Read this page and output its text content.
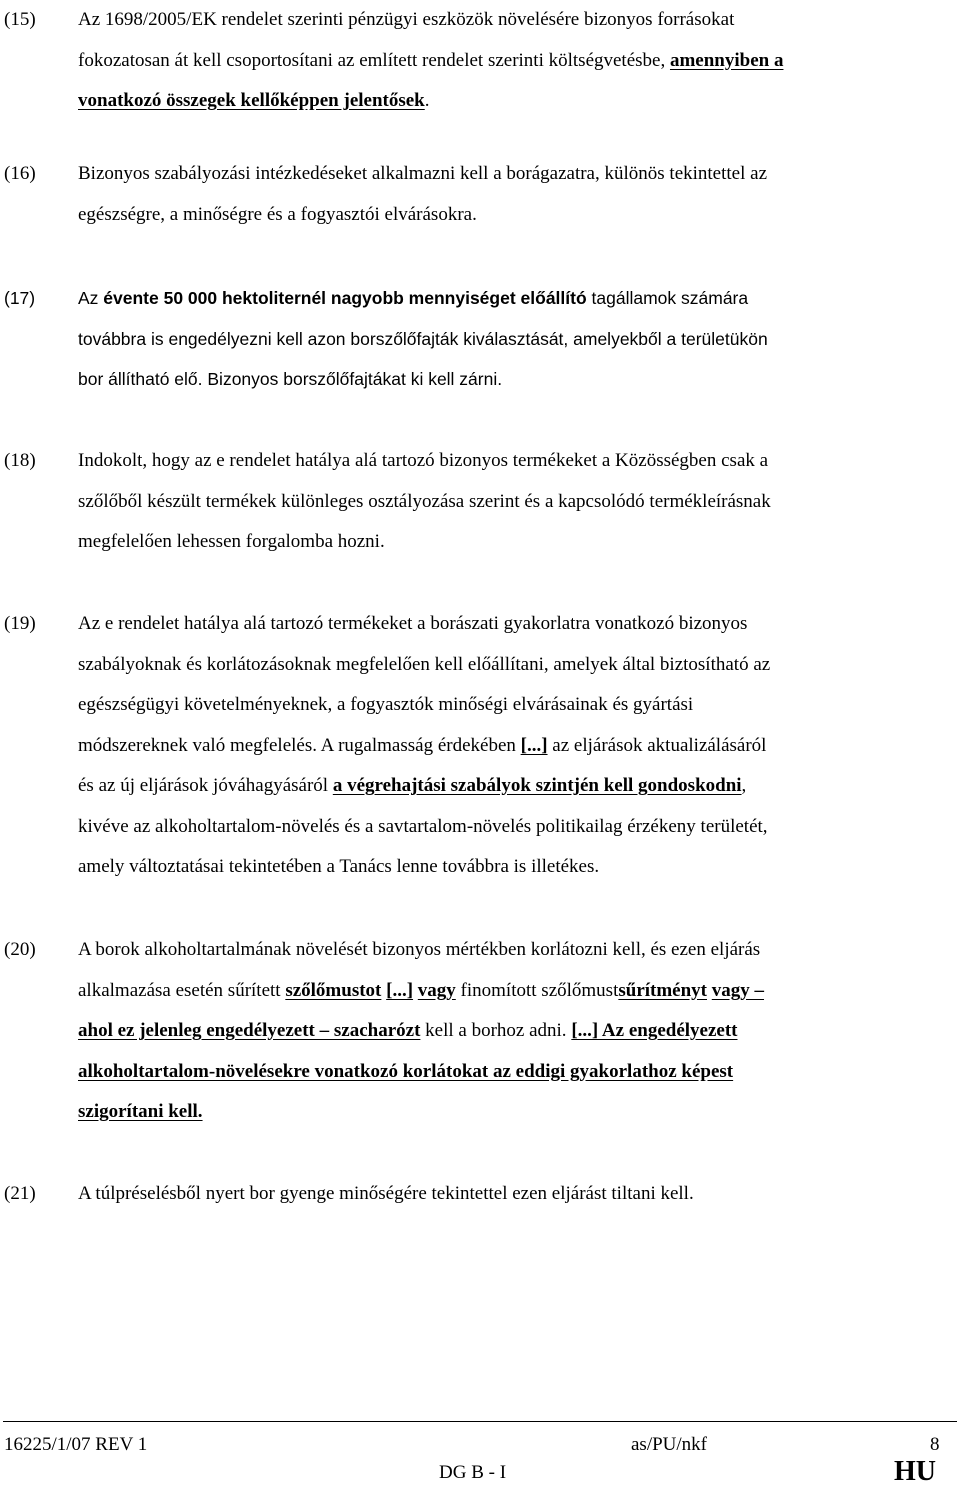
(15) Az 1698/2005/EK rendelet szerinti pénzügyi eszközök növelésére bizonyos forrásokat
fokozatosan át kell csoportosítani az említett rendelet szerinti költségvetésbe, amennyiben a
vonatkozó összegek kellőképpen jelentősek.
(16) Bizonyos szabályozási intézkedéseket alkalmazni kell a borágazatra, különös tekintettel az
egészségre, a minőségre és a fogyasztói elvárásokra.
(17) Az évente 50 000 hektoliternél nagyobb mennyiséget előállító tagállamok számára
továbbra is engedélyezni kell azon borszőlőfajták kiválasztását, amelyekből a területükön
bor állítható elő. Bizonyos borszőlőfajtákat ki kell zárni.
(18) Indokolt, hogy az e rendelet hatálya alá tartozó bizonyos termékeket a Közösségben csak a
szőlőből készült termékek különleges osztályozása szerint és a kapcsolódó termékleírásnak
megfelelően lehessen forgalomba hozni.
(19) Az e rendelet hatálya alá tartozó termékeket a borászati gyakorlatra vonatkozó bizonyos
szabályoknak és korlátozásoknak megfelelően kell előállítani, amelyek által biztosítható az
egészségügyi követelményeknek, a fogyasztók minőségi elvárásainak és gyártási
módszereknek való megfelelés. A rugalmasság érdekében [...] az eljárások aktualizálásáról
és az új eljárások jóváhagyásáról a végrehajtási szabályok szintjén kell gondoskodni,
kivéve az alkoholtartalom-növelés és a savtartalom-növelés politikailag érzékeny területét,
amely változtatásai tekintetében a Tanács lenne továbbra is illetékes.
(20) A borok alkoholtartalmának növelését bizonyos mértékben korlátozni kell, és ezen eljárás
alkalmazása esetén sűrített szőlőmustot [...] vagy finomított szőlőmustsűrítményt vagy –
ahol ez jelenleg engedélyezett – szacharózt kell a borhoz adni. [...] Az engedélyezett
alkoholtartalom-növelésekre vonatkozó korlátokat az eddigi gyakorlathoz képest
szigorítani kell.
(21) A túlpréselésből nyert bor gyenge minőségére tekintettel ezen eljárást tiltani kell.
16225/1/07 REV 1	as/PU/nkf	8
DG B - I	HU
